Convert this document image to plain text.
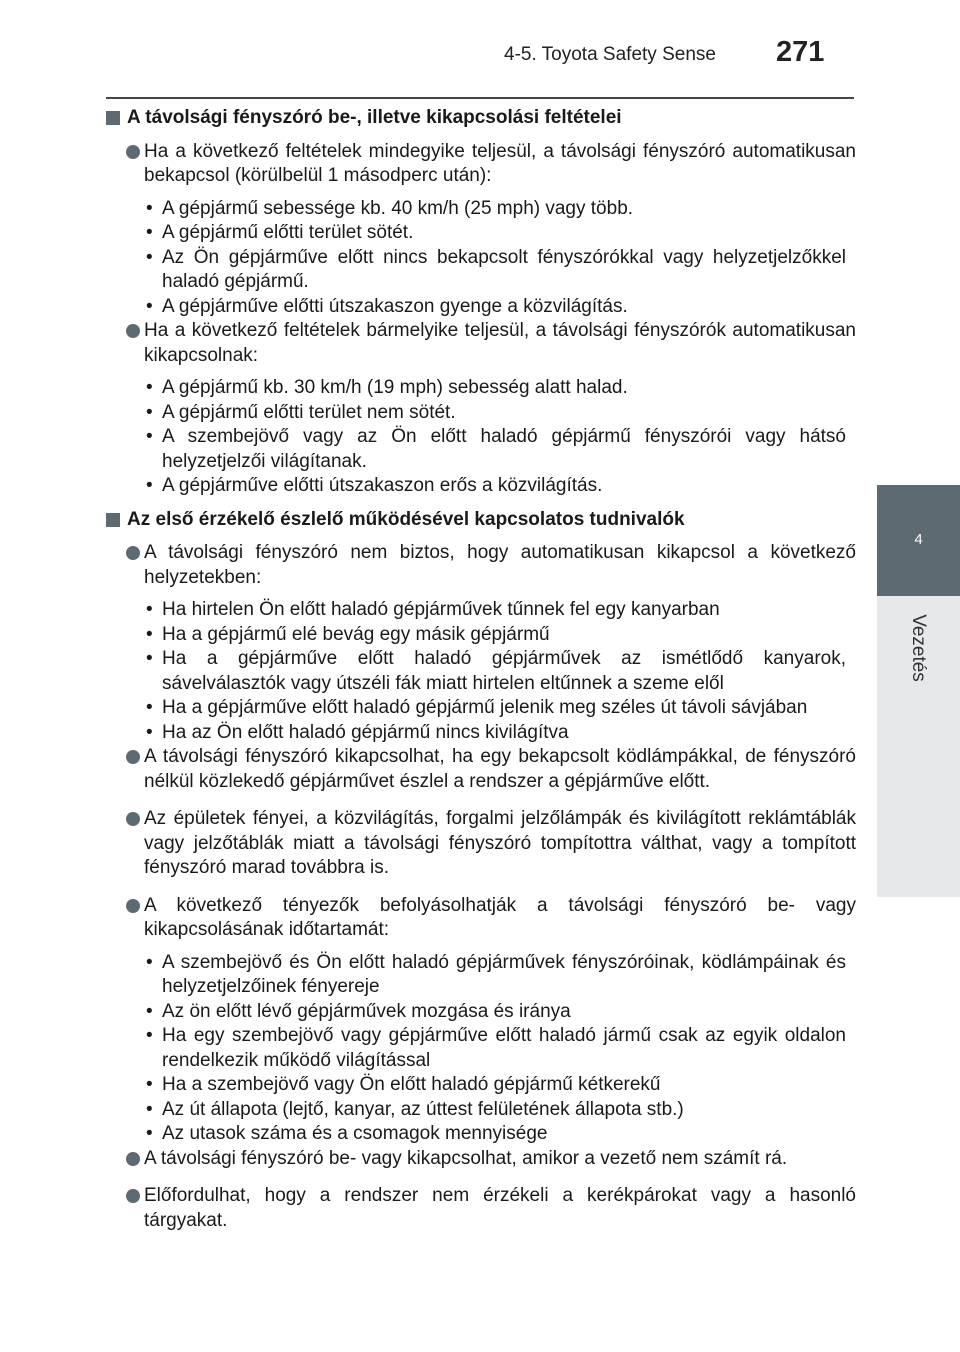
4-5. Toyota Safety Sense 271
4
Vezetés
A távolsági fényszóró be-, illetve kikapcsolási feltételei
Ha a következő feltételek mindegyike teljesül, a távolsági fényszóró automatikusan bekapcsol (körülbelül 1 másodperc után):
• A gépjármű sebessége kb. 40 km/h (25 mph) vagy több.
• A gépjármű előtti terület sötét.
• Az Ön gépjárműve előtt nincs bekapcsolt fényszórókkal vagy helyzetjelzőkkel haladó gépjármű.
• A gépjárműve előtti útszakaszon gyenge a közvilágítás.
Ha a következő feltételek bármelyike teljesül, a távolsági fényszórók automatikusan kikapcsolnak:
• A gépjármű kb. 30 km/h (19 mph) sebesség alatt halad.
• A gépjármű előtti terület nem sötét.
• A szembejövő vagy az Ön előtt haladó gépjármű fényszórói vagy hátsó helyzetjelzői világítanak.
• A gépjárműve előtti útszakaszon erős a közvilágítás.
Az első érzékelő észlelő működésével kapcsolatos tudnivalók
A távolsági fényszóró nem biztos, hogy automatikusan kikapcsol a következő helyzetekben:
• Ha hirtelen Ön előtt haladó gépjárművek tűnnek fel egy kanyarban
• Ha a gépjármű elé bevág egy másik gépjármű
• Ha a gépjárműve előtt haladó gépjárművek az ismétlődő kanyarok, sávelválasztók vagy útszéli fák miatt hirtelen eltűnnek a szeme elől
• Ha a gépjárműve előtt haladó gépjármű jelenik meg széles út távoli sávjában
• Ha az Ön előtt haladó gépjármű nincs kivilágítva
A távolsági fényszóró kikapcsolhat, ha egy bekapcsolt ködlámpákkal, de fényszóró nélkül közlekedő gépjárművet észlel a rendszer a gépjárműve előtt.
Az épületek fényei, a közvilágítás, forgalmi jelzőlámpák és kivilágított reklámtáblák vagy jelzőtáblák miatt a távolsági fényszóró tompítottra válthat, vagy a tompított fényszóró marad továbbra is.
A következő tényezők befolyásolhatják a távolsági fényszóró be- vagy kikapcsolásának időtartamát:
• A szembejövő és Ön előtt haladó gépjárművek fényszóróinak, ködlámpáinak és helyzetjelzőinek fényereje
• Az ön előtt lévő gépjárművek mozgása és iránya
• Ha egy szembejövő vagy gépjárműve előtt haladó jármű csak az egyik oldalon rendelkezik működő világítással
• Ha a szembejövő vagy Ön előtt haladó gépjármű kétkerekű
• Az út állapota (lejtő, kanyar, az úttest felületének állapota stb.)
• Az utasok száma és a csomagok mennyisége
A távolsági fényszóró be- vagy kikapcsolhat, amikor a vezető nem számít rá.
Előfordulhat, hogy a rendszer nem érzékeli a kerékpárokat vagy a hasonló tárgyakat.
